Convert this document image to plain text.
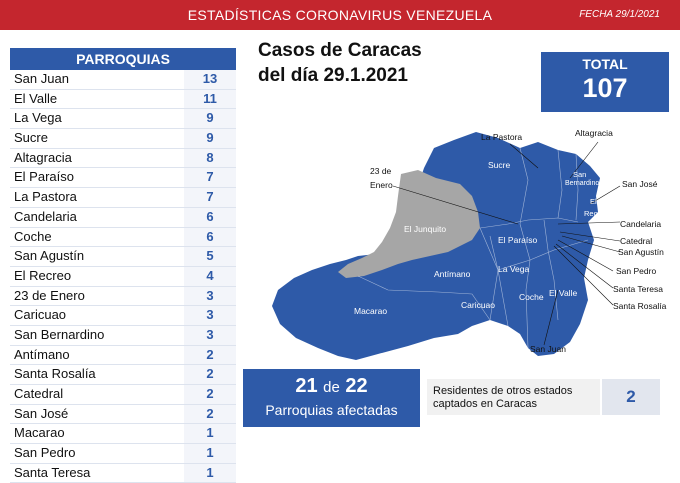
ESTADÍSTICAS CORONAVIRUS VENEZUELA	FECHA 29/1/2021
PARROQUIAS
San Juan	13
El Valle	11
La Vega	9
Sucre	9
Altagracia	8
El Paraíso	7
La Pastora	7
Candelaria	6
Coche	6
San Agustín	5
El Recreo	4
23 de Enero	3
Caricuao	3
San Bernardino	3
Antímano	2
Santa Rosalía	2
Catedral	2
San José	2
Macarao	1
San Pedro	1
Santa Teresa	1
Casos de Caracas
del día 29.1.2021
TOTAL
107
La Pastora	Altagracia
23 de
Enero
San
Bernardino	San José
El
Recreo
Sucre
El Junquito	Candelaria
Catedral
San Agustín
El Paraíso
San Pedro
Antímano	La Vega
Santa Teresa
Santa Rosalía
Macarao
Caricuao
Coche El Valle
San Juan
21 de 22
Parroquias afectadas
Residentes de otros estados captados en Caracas	2
